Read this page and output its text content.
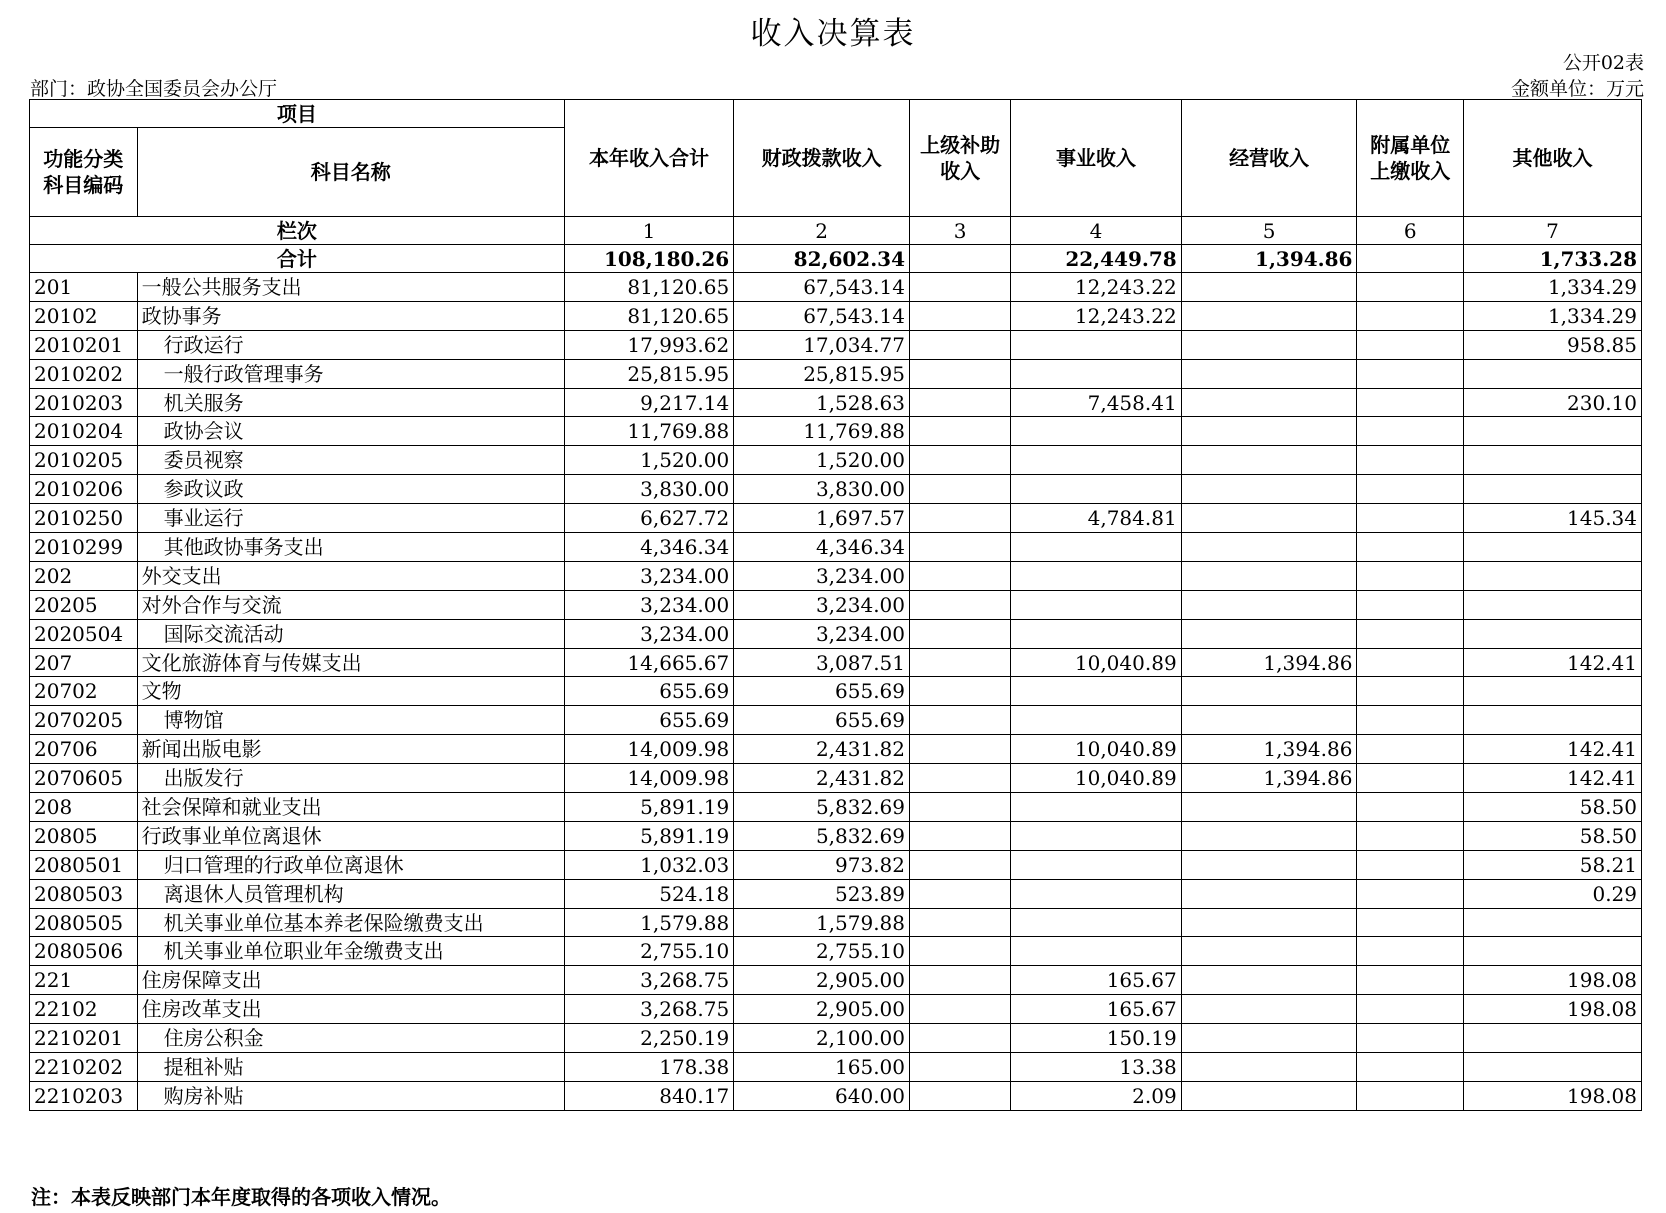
收入决算表
公开02表
部门：政协全国委员会办公厅	金额单位：万元
项目		本年收入合计	财政拨款收入	上级补助收入	事业收入	经营收入	附属单位上缴收入	其他收入
功能分类科目编码	科目名称							
栏次		1	2	3	4	5	6	7
合计		108,180.26	82,602.34		22,449.78	1,394.86		1,733.28
201	一般公共服务支出	81,120.65	67,543.14		12,243.22			1,334.29
20102	政协事务	81,120.65	67,543.14		12,243.22			1,334.29
2010201	行政运行	17,993.62	17,034.77					958.85
2010202	一般行政管理事务	25,815.95	25,815.95					
2010203	机关服务	9,217.14	1,528.63		7,458.41			230.10
2010204	政协会议	11,769.88	11,769.88					
2010205	委员视察	1,520.00	1,520.00					
2010206	参政议政	3,830.00	3,830.00					
2010250	事业运行	6,627.72	1,697.57		4,784.81			145.34
2010299	其他政协事务支出	4,346.34	4,346.34					
202	外交支出	3,234.00	3,234.00					
20205	对外合作与交流	3,234.00	3,234.00					
2020504	国际交流活动	3,234.00	3,234.00					
207	文化旅游体育与传媒支出	14,665.67	3,087.51		10,040.89	1,394.86		142.41
20702	文物	655.69	655.69					
2070205	博物馆	655.69	655.69					
20706	新闻出版电影	14,009.98	2,431.82		10,040.89	1,394.86		142.41
2070605	出版发行	14,009.98	2,431.82		10,040.89	1,394.86		142.41
208	社会保障和就业支出	5,891.19	5,832.69					58.50
20805	行政事业单位离退休	5,891.19	5,832.69					58.50
2080501	归口管理的行政单位离退休	1,032.03	973.82					58.21
2080503	离退休人员管理机构	524.18	523.89					0.29
2080505	机关事业单位基本养老保险缴费支出	1,579.88	1,579.88					
2080506	机关事业单位职业年金缴费支出	2,755.10	2,755.10					
221	住房保障支出	3,268.75	2,905.00		165.67			198.08
22102	住房改革支出	3,268.75	2,905.00		165.67			198.08
2210201	住房公积金	2,250.19	2,100.00		150.19			
2210202	提租补贴	178.38	165.00		13.38			
2210203	购房补贴	840.17	640.00		2.09			198.08
注：本表反映部门本年度取得的各项收入情况。
